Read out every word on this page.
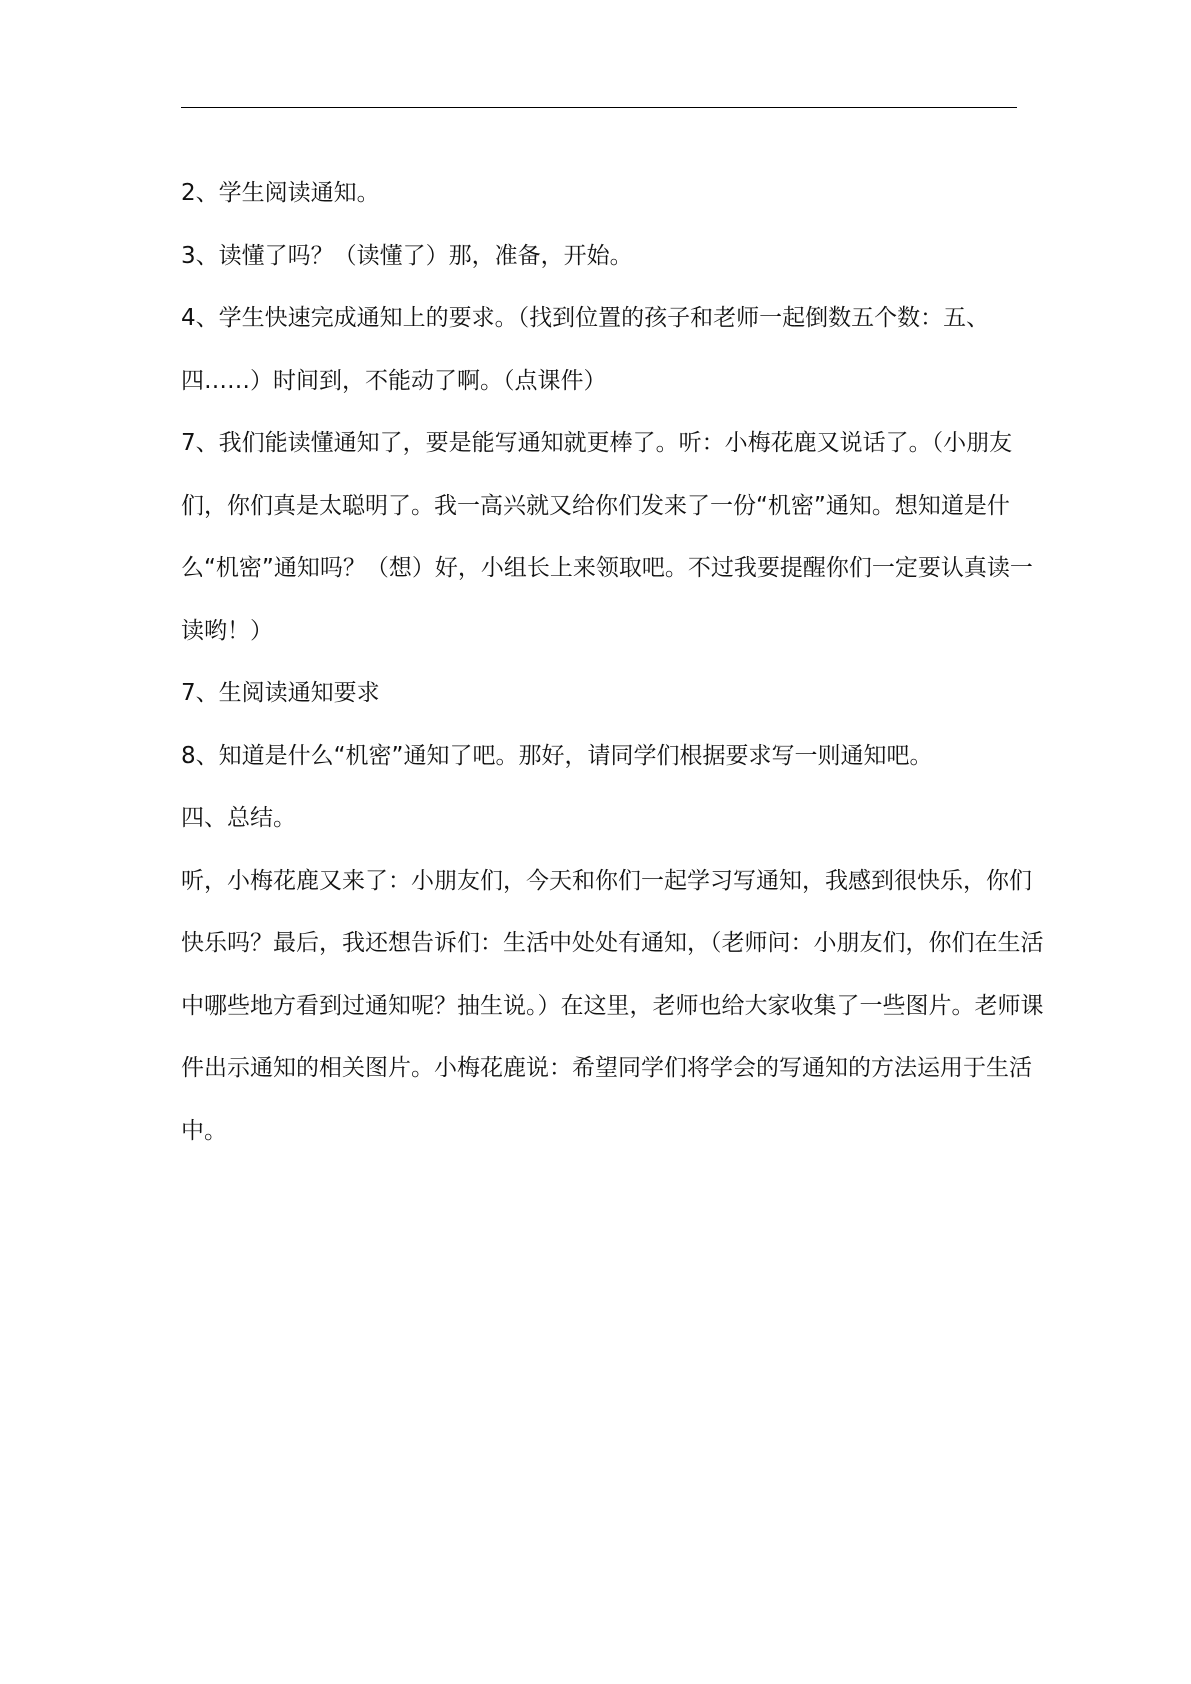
2、学生阅读通知。

3、读懂了吗？（读懂了）那，准备，开始。

4、学生快速完成通知上的要求。（找到位置的孩子和老师一起倒数五个数：五、四……）时间到，不能动了啊。（点课件）

7、我们能读懂通知了，要是能写通知就更棒了。听：小梅花鹿又说话了。（小朋友们，你们真是太聪明了。我一高兴就又给你们发来了一份“机密”通知。想知道是什么“机密”通知吗？（想）好，小组长上来领取吧。不过我要提醒你们一定要认真读一读哟！）

7、生阅读通知要求

8、知道是什么“机密”通知了吧。那好，请同学们根据要求写一则通知吧。

四、总结。

听，小梅花鹿又来了：小朋友们，今天和你们一起学习写通知，我感到很快乐，你们快乐吗？最后，我还想告诉们：生活中处处有通知，（老师问：小朋友们，你们在生活中哪些地方看到过通知呢？抽生说。）在这里，老师也给大家收集了一些图片。老师课件出示通知的相关图片。小梅花鹿说：希望同学们将学会的写通知的方法运用于生活中。
